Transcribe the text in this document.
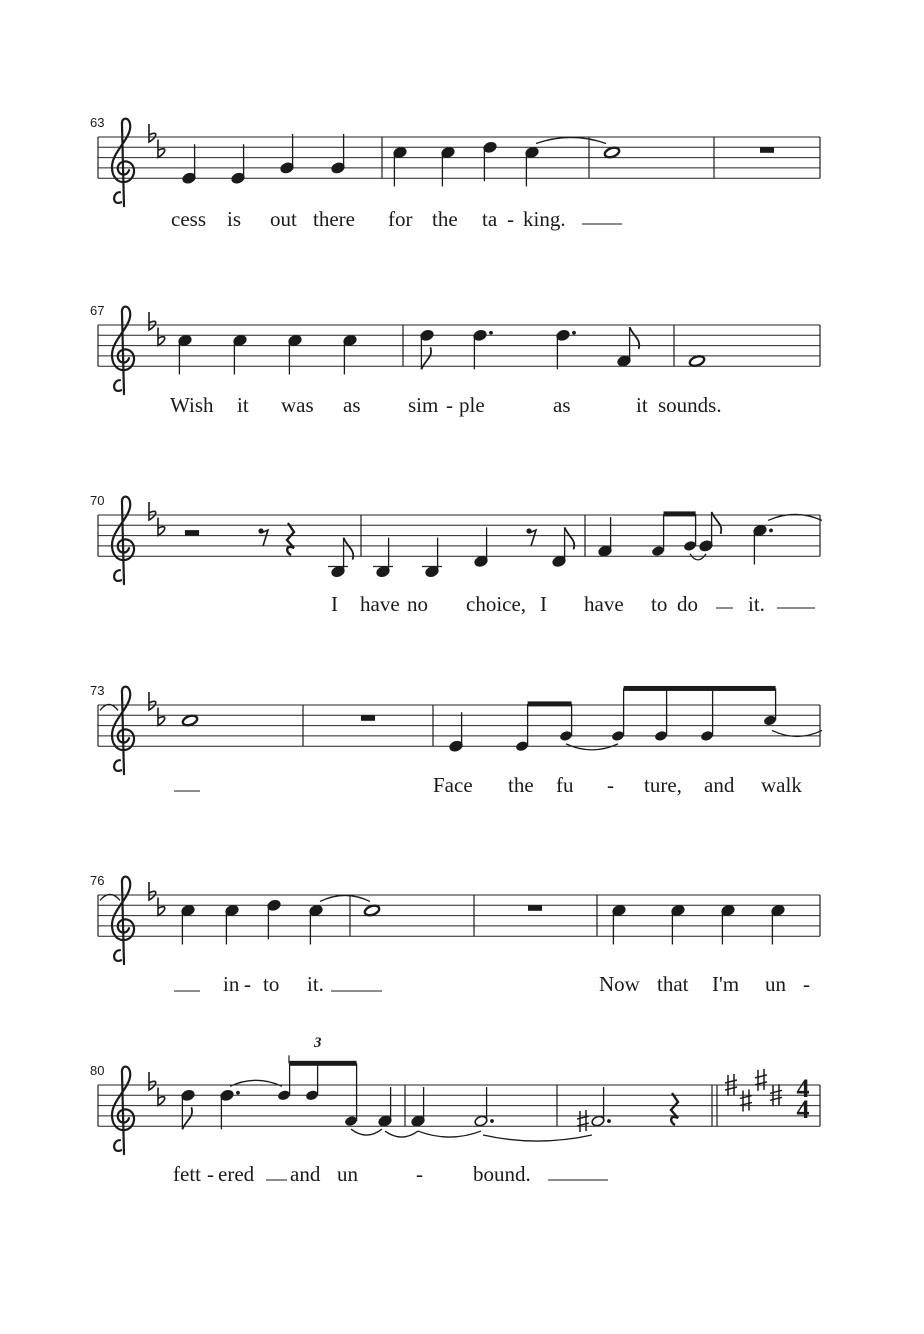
4
4
63
67
70
73
76
80
cess is out there for the ta - king.
Wish it was as sim - ple	as	it sounds.
I have no choice, I have to do it.
Face the fu - ture, and walk
in - to it.	Now that I'm un -
3
fett - ered and un	- bound.
